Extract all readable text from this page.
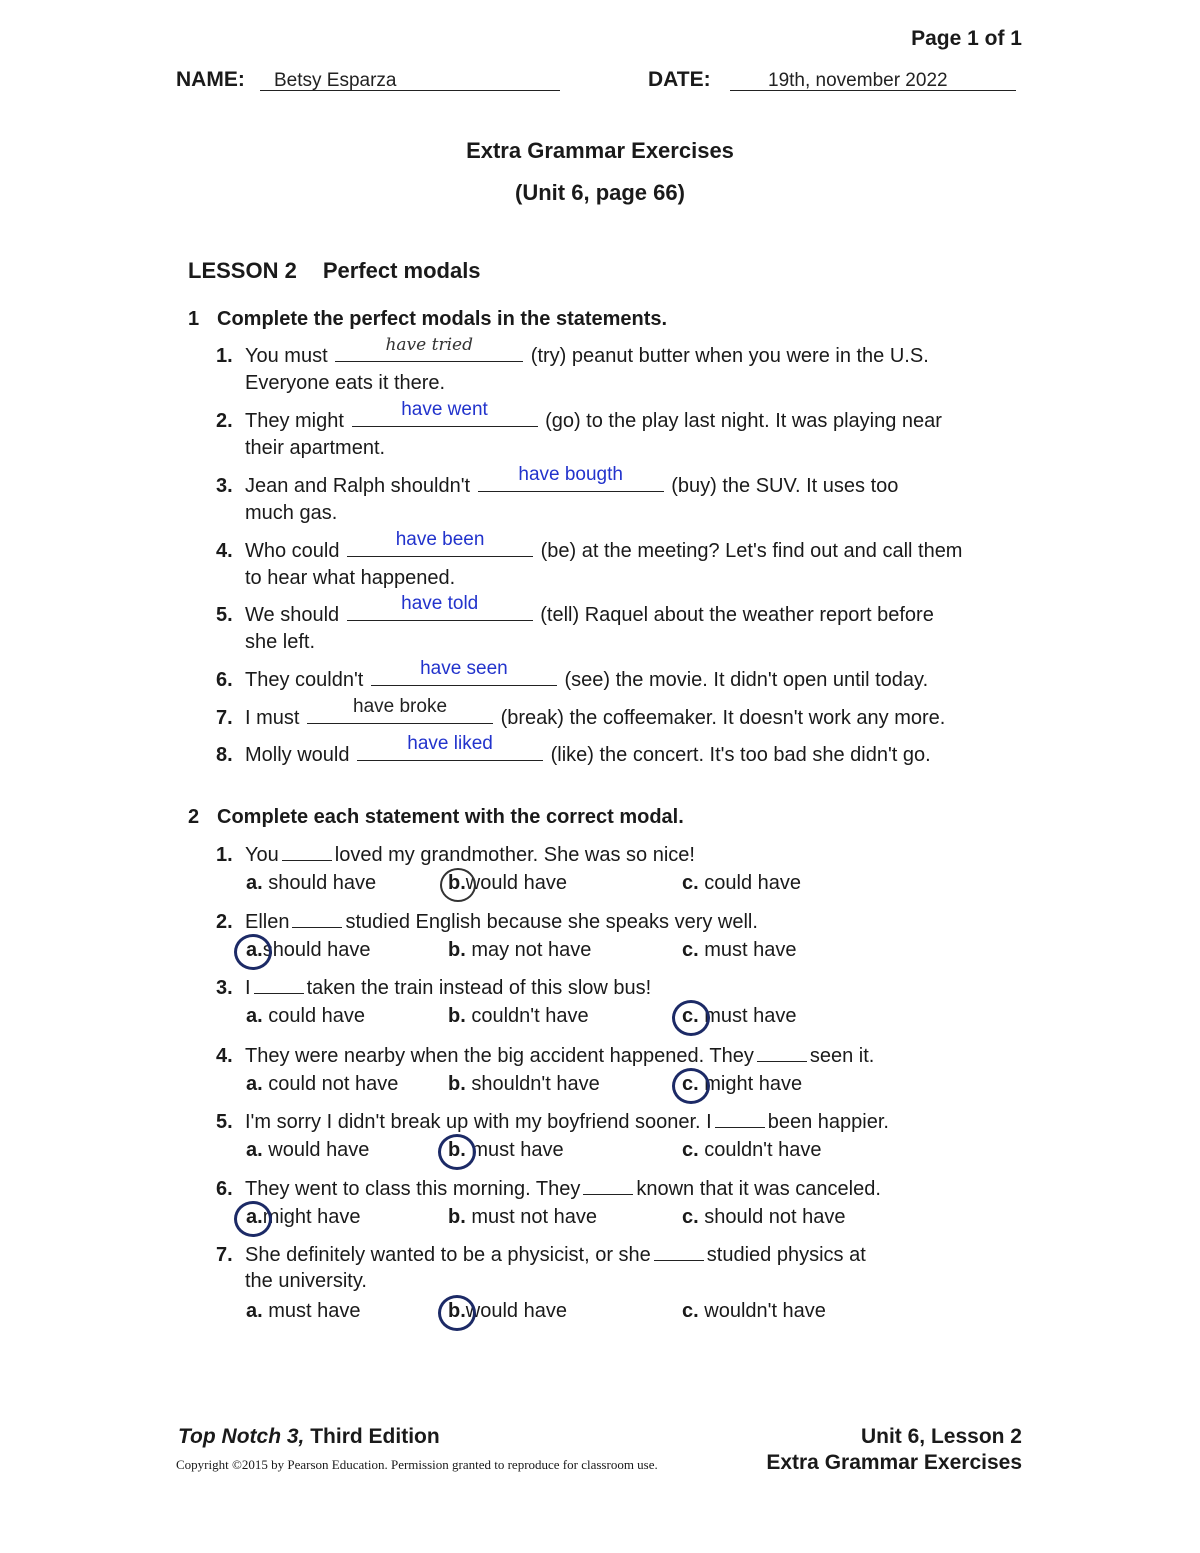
Page 1 of 1
NAME: Betsy Esparza	DATE:	19th, november 2022
Extra Grammar Exercises
(Unit 6, page 66)
LESSON 2 Perfect modals
1 Complete the perfect modals in the statements.
1. You must	have tried	(try) peanut butter when you were in the U.S.
Everyone eats it there.
2. They might
have went
(go) to the play last night. It was playing near
their apartment.
3. Jean and Ralph shouldn't
have bougth
(buy) the SUV. It uses too
much gas.
4. Who could
have been
(be) at the meeting? Let's find out and call them
to hear what happened.
5. We should
have told
(tell) Raquel about the weather report before
she left.
6. They couldn't
have seen
(see) the movie. It didn't open until today.
7. I must
have broke
(break) the coffeemaker. It doesn't work any more.
8. Molly would
have liked
(like) the concert. It's too bad she didn't go.
2 Complete each statement with the correct modal.
1. You	loved my grandmother. She was so nice!
a. should have	b.would have	c. could have
2. Ellen	studied English because she speaks very well.
a.should have	b. may not have	c. must have
3. I	taken the train instead of this slow bus!
a. could have	b. couldn't have	c. must have
4. They were nearby when the big accident happened. They	seen it.
a. could not have b. shouldn't have	c. might have
5. I'm sorry I didn't break up with my boyfriend sooner. I	been happier.
a. would have	b. must have	c. couldn't have
6. They went to class this morning. They	known that it was canceled.
a.might have	b. must not have	c. should not have
7. She definitely wanted to be a physicist, or she	studied physics at
the university.
a. must have	b.would have	c. wouldn't have
Top Notch 3, Third Edition
Copyright ©2015 by Pearson Education. Permission granted to reproduce for classroom use.
Unit 6, Lesson 2
Extra Grammar Exercises
